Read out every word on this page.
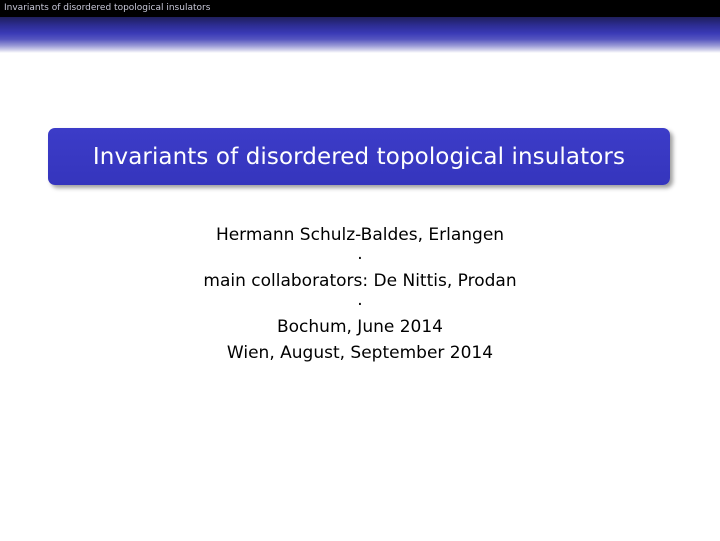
Invariants of disordered topological insulators
Invariants of disordered topological insulators
Hermann Schulz-Baldes, Erlangen
.
main collaborators: De Nittis, Prodan
.
Bochum, June 2014
Wien, August, September 2014
